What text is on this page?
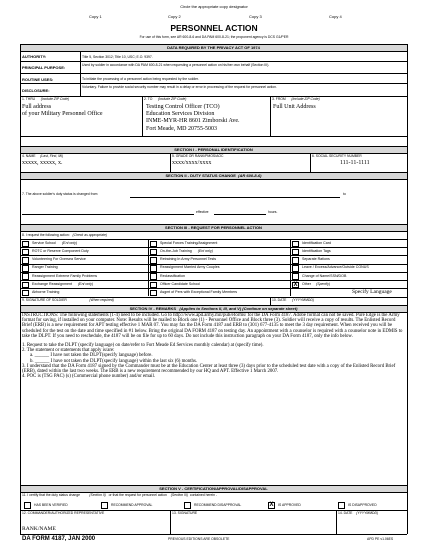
Circle the appropriate copy designator
Copy 1	Copy 2	Copy 3	Copy 4
PERSONNEL ACTION
For use of this form, see AR 600-8-6 and DA PAM 600-8-21; the proponent agency is DCS G1/PER
DATA REQUIRED BY THE PRIVACY ACT OF 1974
AUTHORITY:	Title 5, Section 3012; Title 10, USC; E.O. 9397.
PRINCIPAL PURPOSE:	Used by soldier in accordance with DA PAM 600-8-21 when requesting a personnel action on his/her own behalf (Section III).
ROUTINE USES:	To initiate the processing of a personnel action being requested by the soldier.
DISCLOSURE:
Voluntary. Failure to provide social security number may result in a delay or error in processing of the request for personnel action.
1. THRU (Include ZIP Code)	2. TO (Include ZIP Code)	3. FROM (Include ZIP Code)
Full address
of your Military Personnel Office
Testing Control Officer (TCO)
Education Services Division
INME-MYR-HR 8601 Zimborski Ave.
Fort Meade, MD 20755-5003
Full Unit Address
SECTION I - PERSONAL IDENTIFICATION
4. NAME (Last, First, MI)	5. GRADE OR RANK/PMOS/AOC	6. SOCIAL SECURITY NUMBER
xxxxx, xxxxx, x.	xxxx/xxxx/xxxx	111-11-1111
SECTION II - DUTY STATUS CHANGE (AR 600-8-6)
7. The above soldier's duty status is changed from	to
effective	hours.
SECTION III - REQUEST FOR PERSONNEL ACTION
8. I request the following action: (Check as appropriate)
Service School (Enl only)	Special Forces Training/Assignment	Identification Card
ROTC or Reserve Component Duty	On-the-Job Training (Enl only)	Identification Tags
Volunteering For Oversea Service	Retraining In Army Personnel Tests	Separate Rations
Ranger Training	Reassignment Married Army Couples	Leave / Excess/Advance/Outside CONUS
Reassignment Extreme Family Problems	Reclassification	Change of Name/SSN/DOB
Exchange Reassignment (Enl only)	Officer Candidate School	X	Other (Specify)
Airborne Training	Asgmt of Pers with Exceptional Family Members	Specify Language
9. SIGNATURE OF SOLDIER	(When required)	10. DATE (YYYYMMDD)
SECTION IV - REMARKS (Applies to Sections II, III, and V) (Continue on separate sheet)
INSTRUCTIONS: The following statements (1-4) need to be included. Go to http://www.apd.army.mil/pub/eforms/ for the DA Form 4187. Adobe format can not be saved. Pure Edge is the Army format for saving, if installed on your computer. Note: Results will be mailed to Block one (1) - Personnel Office and Block three (3). Soldier will receive a copy of results. The Enlisted Record Brief (ERB) is a new requirement for APT testing effective 1 MAR 07. You may fax the DA Form 4187 and ERB to (301) 677-4135 to meet the 3 day requirement. When received you will be scheduled for the test on the date and time specified in #1 below. Bring the original DA FORM 4187 on testing day. An appointment with a counselor is required with a counselor note in EDMIS to take the DLPT. If you need to reschedule, the 4187 will be on file for up to 60 days. Do not include this instruction paragraph on your DA Form 4187, only the info below.
1. Request to take the DLPT (specify language) on date/refer to Fort Meade Ed Services monthly calendar) at (specify time).
2. The statement or statements that apply is/are:
a. ______ I have not taken the DLPT(specify language) before.
b. ______ I have not taken the DLPT(specify language) within the last six (6) months.
3. I understand that the DA Form 4187 signed by the Commander must be at the Education Center at least three (3) days prior to the scheduled test date with a copy of the Enlisted Record Brief (ERB), dated within the last two weeks. The ERB is a new requirement recommended by our HQ and APT. Effective 1 March 2007.
4. POC is (TSG PAC) (s) (Commercial phone number) and/or email.
SECTION V - CERTIFICATION/APPROVAL/DISAPPROVAL
11. I certify that the duty status change	(Section II) or that the request for personnel action (Section III) contained herein -
HAS BEEN VERIFIED	RECOMMEND APPROVAL	RECOMMEND DISAPPROVAL	X	IS APPROVED	IS DISAPPROVED
12. COMMANDER/AUTHORIZED REPRESENTATIVE	13. SIGNATURE	14. DATE (YYYYMMDD)
RANK/NAME
DA FORM 4187, JAN 2000	PREVIOUS EDITIONS ARE OBSOLETE	APD PE v1.06ES
